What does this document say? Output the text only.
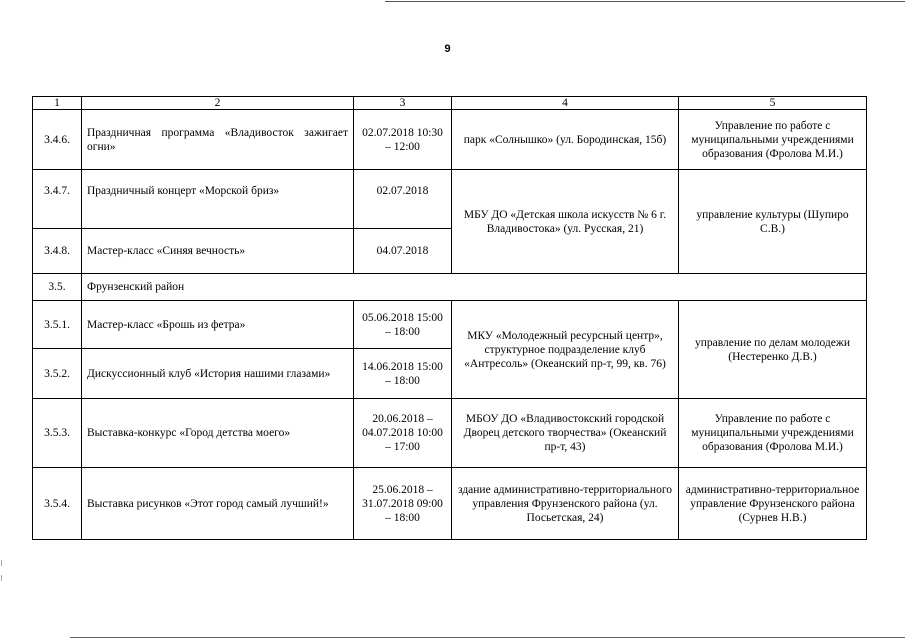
9
1	2	3	4	5
3.4.6.	Праздничная программа «Владивосток зажигает огни»	02.07.2018 10:30 – 12:00	парк «Солнышко» (ул. Бородинская, 15б)	Управление по работе с муниципальными учреждениями образования (Фролова М.И.)
3.4.7.	Праздничный концерт «Морской бриз»	02.07.2018	МБУ ДО «Детская школа искусств № 6 г. Владивостока» (ул. Русская, 21)	управление культуры (Шупиро С.В.)
3.4.8.	Мастер-класс «Синяя вечность»	04.07.2018		
3.5.	Фрунзенский район			
3.5.1.	Мастер-класс «Брошь из фетра»	05.06.2018 15:00 – 18:00	МКУ «Молодежный ресурсный центр», структурное подразделение клуб «Антресоль» (Океанский пр-т, 99, кв. 76)	управление по делам молодежи (Нестеренко Д.В.)
3.5.2.	Дискуссионный клуб «История нашими глазами»	14.06.2018 15:00 – 18:00		
3.5.3.	Выставка-конкурс «Город детства моего»	20.06.2018 – 04.07.2018 10:00 – 17:00	МБОУ ДО «Владивостокский городской Дворец детского творчества» (Океанский пр-т, 43)	Управление по работе с муниципальными учреждениями образования (Фролова М.И.)
3.5.4.	Выставка рисунков «Этот город самый лучший!»	25.06.2018 – 31.07.2018 09:00 – 18:00	здание административно-территориального управления Фрунзенского района (ул. Посьетская, 24)	административно-территориальное управление Фрунзенского района (Сурнев Н.В.)
